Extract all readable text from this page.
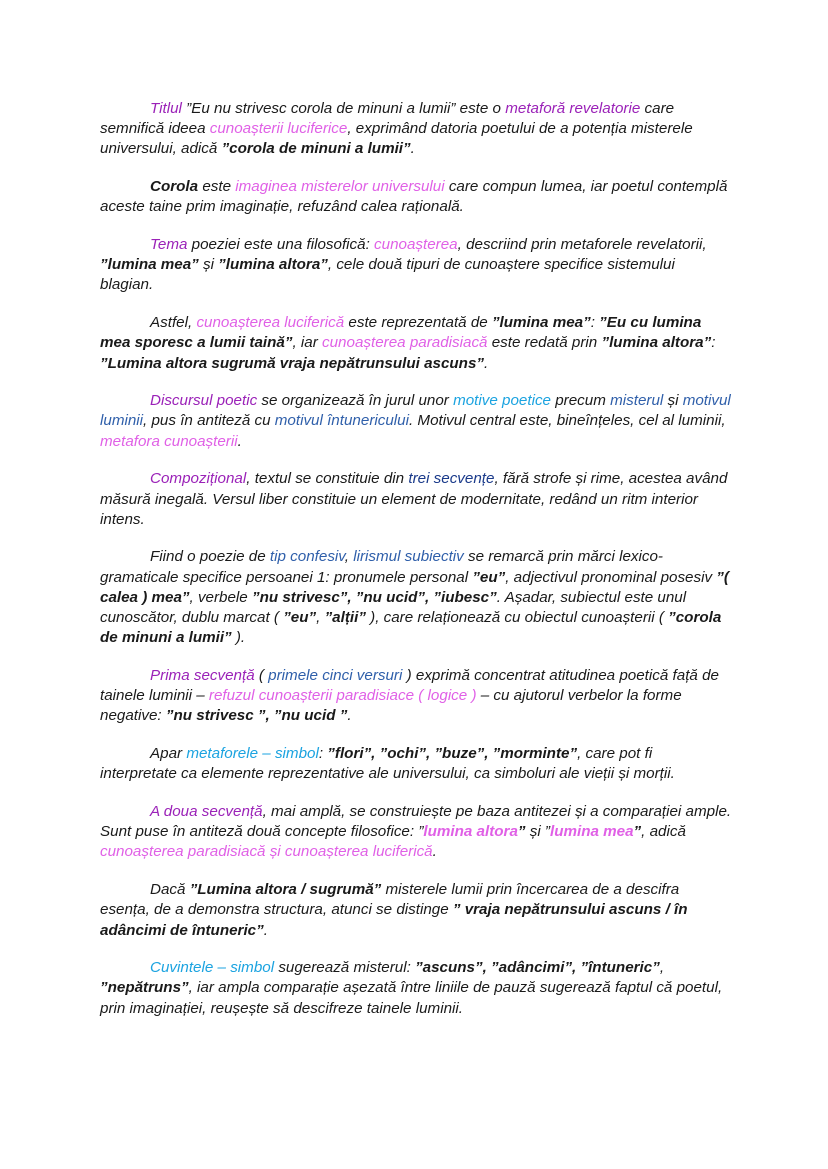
Titlul ”Eu nu strivesc corola de minuni a lumii” este o metaforă revelatorie care semnifică ideea cunoașterii luciferice, exprimând datoria poetului de a potenția misterele universului, adică ”corola de minuni a lumii”.

Corola este imaginea misterelor universului care compun lumea, iar poetul contemplă aceste taine prim imaginație, refuzând calea rațională.

Tema poeziei este una filosofică: cunoașterea, descriind prin metaforele revelatorii, ”lumina mea” și ”lumina altora”, cele două tipuri de cunoaștere specifice sistemului blagian.

Astfel, cunoașterea luciferică este reprezentată de ”lumina mea”: ”Eu cu lumina mea sporesc a lumii taină”, iar cunoașterea paradisiacă este redată prin ”lumina altora”: ”Lumina altora sugrumă vraja nepătrunsului ascuns”.

Discursul poetic se organizează în jurul unor motive poetice precum misterul și motivul luminii, pus în antiteză cu motivul întunericului. Motivul central este, bineînțeles, cel al luminii, metafora cunoașterii.

Compozițional, textul se constituie din trei secvențe, fără strofe și rime, acestea având măsură inegală. Versul liber constituie un element de modernitate, redând un ritm interior intens.

Fiind o poezie de tip confesiv, lirismul subiectiv se remarcă prin mărci lexico-gramaticale specifice persoanei 1: pronumele personal ”eu”, adjectivul pronominal posesiv ”( calea ) mea”, verbele ”nu strivesc”, ”nu ucid”, ”iubesc”. Așadar, subiectul este unul cunoscător, dublu marcat ( ”eu”, ”alții” ), care relaționează cu obiectul cunoașterii ( ”corola de minuni a lumii” ).

Prima secvență ( primele cinci versuri ) exprimă concentrat atitudinea poetică față de tainele luminii – refuzul cunoașterii paradisiace ( logice ) – cu ajutorul verbelor la forme negative: ”nu strivesc ”, ”nu ucid ”.

Apar metaforele – simbol: ”flori”, ”ochi”, ”buze”, ”morminte”, care pot fi interpretate ca elemente reprezentative ale universului, ca simboluri ale vieții și morții.

A doua secvență, mai amplă, se construiește pe baza antitezei și a comparației ample. Sunt puse în antiteză două concepte filosofice: ”lumina altora” și ”lumina mea”, adică cunoașterea paradisiacă și cunoașterea luciferică.

Dacă ”Lumina altora / sugrumă” misterele lumii prin încercarea de a descifra esența, de a demonstra structura, atunci se distinge ” vraja nepătrunsului ascuns / în adâncimi de întuneric”.

Cuvintele – simbol sugerează misterul: ”ascuns”, ”adâncimi”, ”întuneric”, ”nepătruns”, iar ampla comparație așezată între liniile de pauză sugerează faptul că poetul, prin imaginației, reușește să descifreze tainele luminii.
